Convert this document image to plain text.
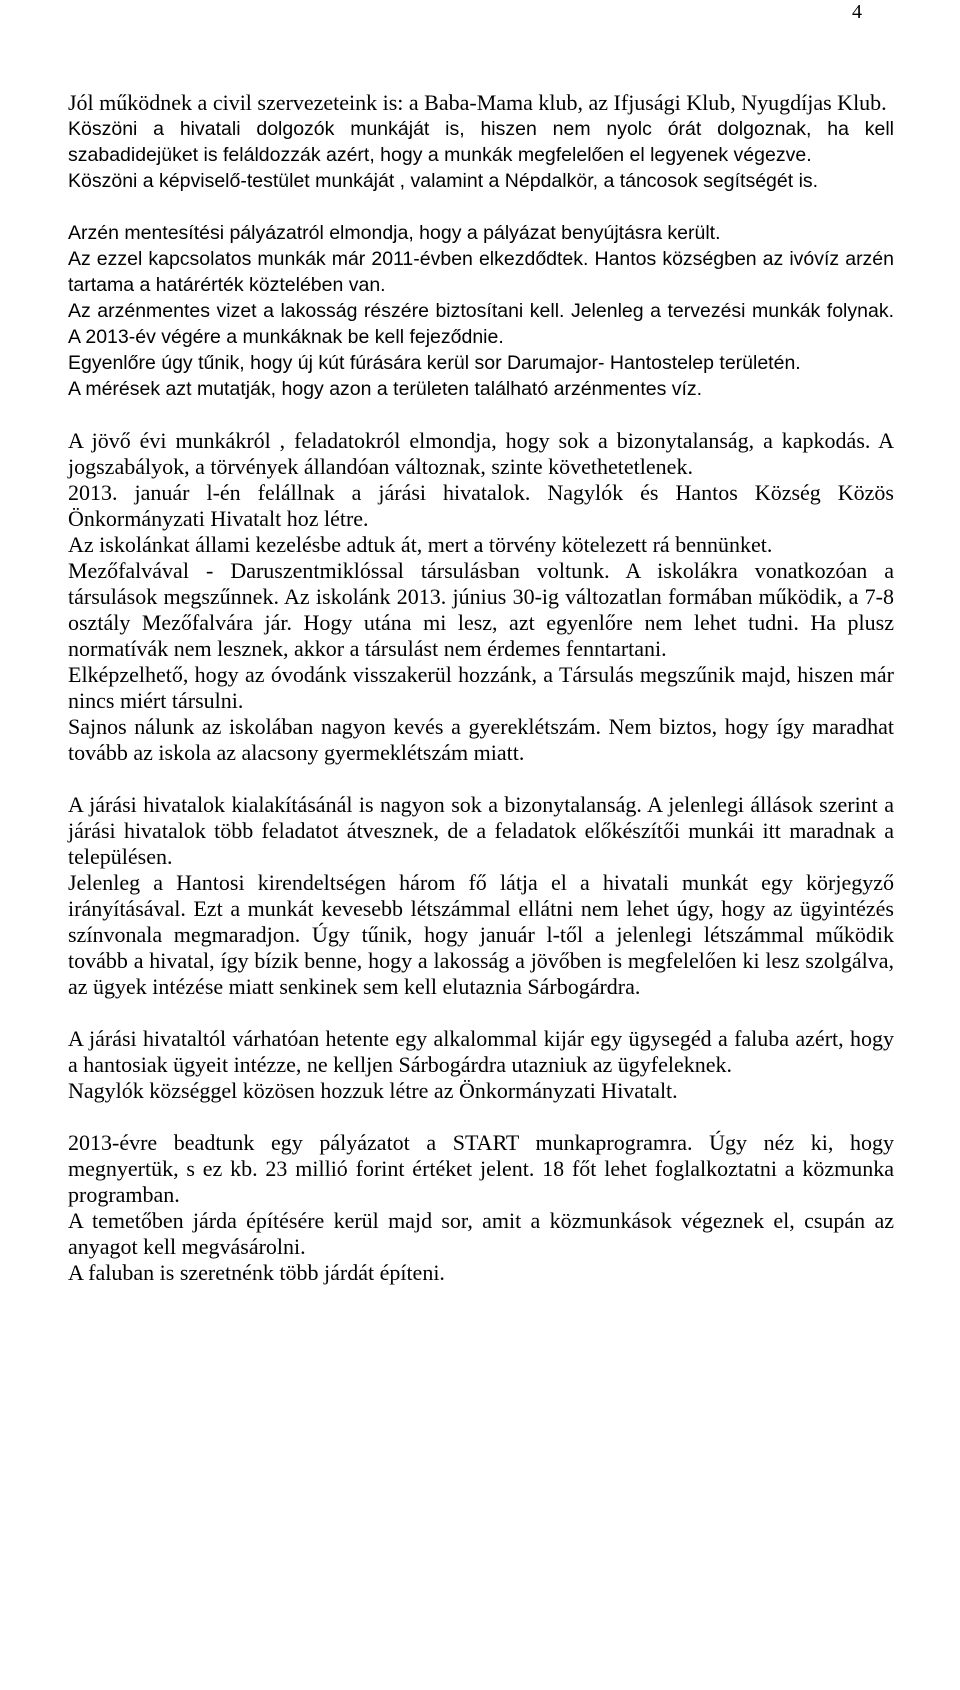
4

Jól működnek a civil szervezeteink is: a Baba-Mama klub, az Ifjusági Klub, Nyugdíjas Klub.

Köszöni a hivatali dolgozók munkáját is, hiszen nem nyolc órát dolgoznak, ha kell szabadidejüket is feláldozzák azért, hogy a munkák megfelelően el legyenek végezve.

Köszöni a képviselő-testület munkáját , valamint a Népdalkör, a táncosok segítségét is.

Arzén mentesítési pályázatról elmondja, hogy a pályázat benyújtásra került.

Az ezzel kapcsolatos munkák már 2011-évben elkezdődtek. Hantos községben az ivóvíz arzén tartama a határérték köztelében van.

Az arzénmentes vizet a lakosság részére biztosítani kell. Jelenleg a tervezési munkák folynak. A 2013-év végére a munkáknak be kell fejeződnie.

Egyenlőre úgy tűnik, hogy új kút fúrására kerül sor Darumajor- Hantostelep területén.

A mérések azt mutatják, hogy azon a területen található arzénmentes víz.

A jövő évi munkákról , feladatokról elmondja, hogy sok a bizonytalanság, a kapkodás. A jogszabályok, a törvények állandóan változnak, szinte követhetetlenek.

2013. január l-én felállnak a járási hivatalok. Nagylók és Hantos Község Közös Önkormányzati Hivatalt hoz létre.

Az iskolánkat állami kezelésbe adtuk át, mert a törvény kötelezett rá bennünket.

Mezőfalvával - Daruszentmiklóssal társulásban voltunk. A iskolákra vonatkozóan a társulások megszűnnek. Az iskolánk 2013. június 30-ig változatlan formában működik, a 7-8 osztály Mezőfalvára jár. Hogy utána mi lesz, azt egyenlőre nem lehet tudni. Ha plusz normatívák nem lesznek, akkor a társulást nem érdemes fenntartani.

Elképzelhető, hogy az óvodánk visszakerül hozzánk, a Társulás megszűnik majd, hiszen már nincs miért társulni.

Sajnos nálunk az iskolában nagyon kevés a gyereklétszám. Nem biztos, hogy így maradhat tovább az iskola az alacsony gyermeklétszám miatt.

A járási hivatalok kialakításánál is nagyon sok a bizonytalanság. A jelenlegi állások szerint a járási hivatalok több feladatot átvesznek, de a feladatok előkészítői munkái itt maradnak a településen.

Jelenleg a Hantosi kirendeltségen három fő látja el a hivatali munkát egy körjegyző irányításával. Ezt a munkát kevesebb létszámmal ellátni nem lehet úgy, hogy az ügyintézés színvonala megmaradjon. Úgy tűnik, hogy január l-től a jelenlegi létszámmal működik tovább a hivatal, így bízik benne, hogy a lakosság a jövőben is megfelelően ki lesz szolgálva, az ügyek intézése miatt senkinek sem kell elutaznia Sárbogárdra.

A járási hivataltól várhatóan hetente egy alkalommal kijár egy ügysegéd a faluba azért, hogy a hantosiak ügyeit intézze, ne kelljen Sárbogárdra utazniuk az ügyfeleknek.

Nagylók községgel közösen hozzuk létre az Önkormányzati Hivatalt.

2013-évre beadtunk egy pályázatot a START munkaprogramra. Úgy néz ki, hogy megnyertük, s ez kb. 23 millió forint értéket jelent. 18 főt lehet foglalkoztatni a közmunka programban.

A temetőben járda építésére kerül majd sor, amit a közmunkások végeznek el, csupán az anyagot kell megvásárolni.

A faluban is szeretnénk több járdát építeni.
